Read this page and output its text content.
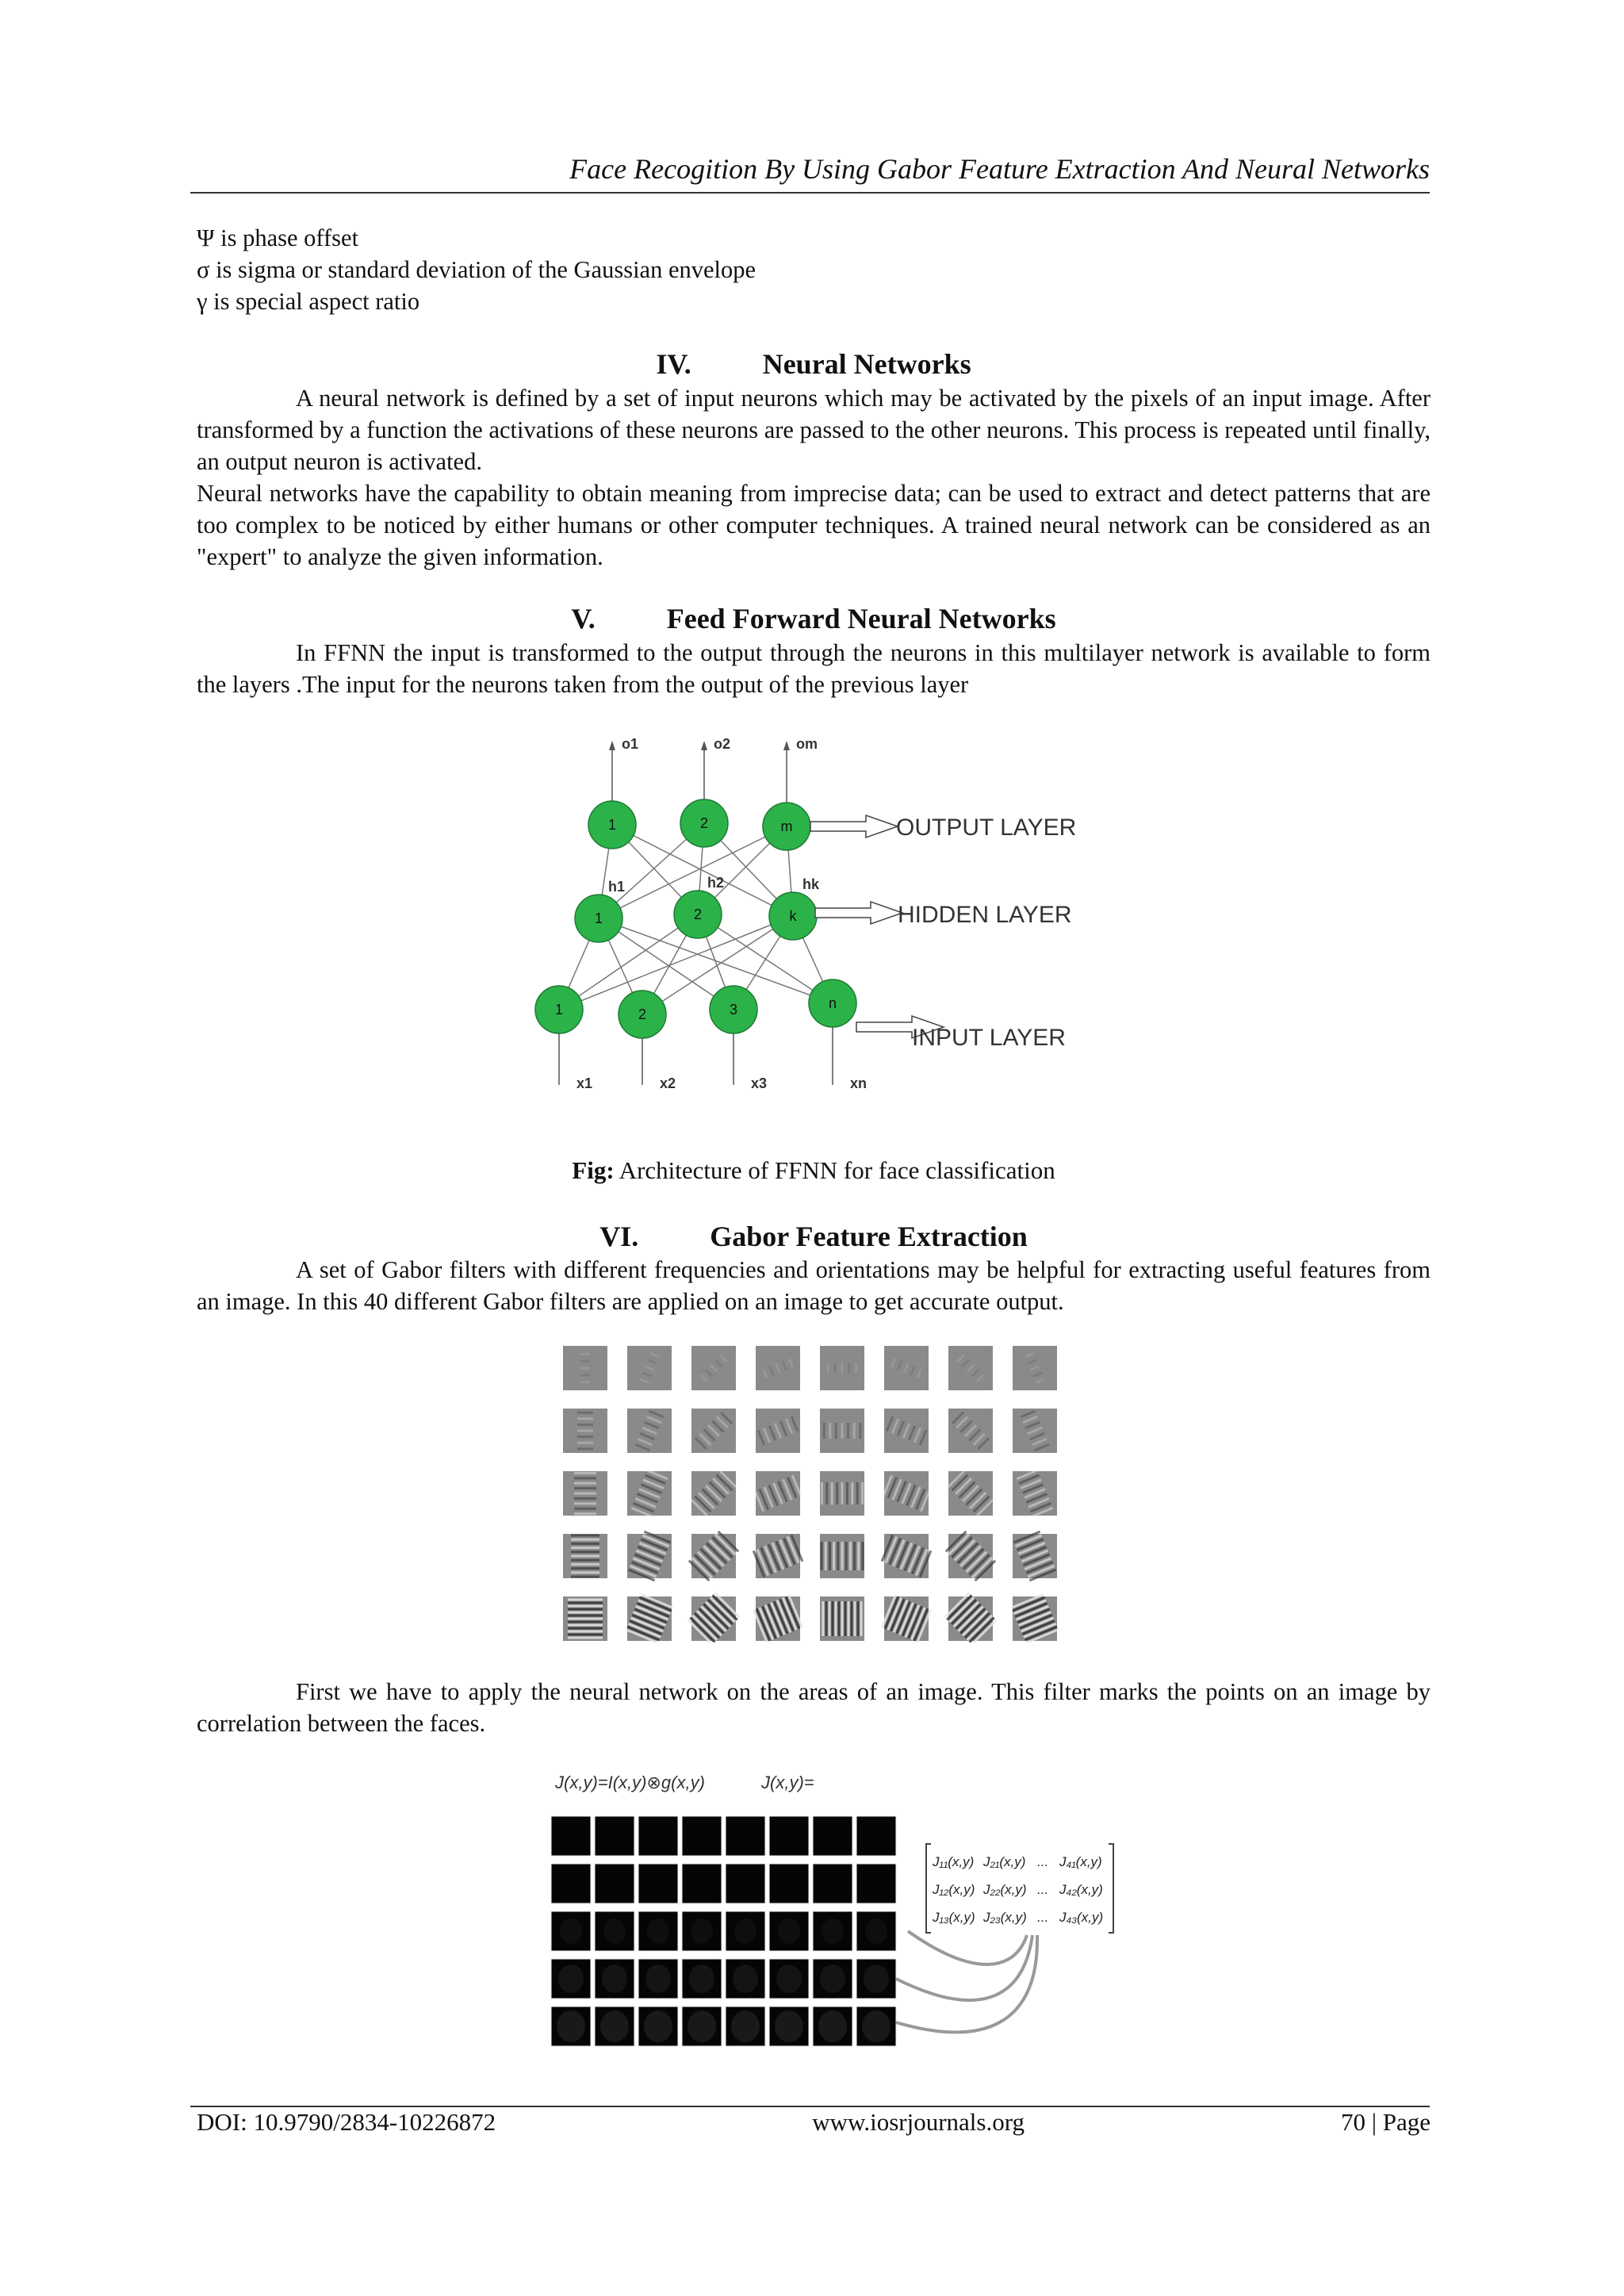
Face Recogition By Using Gabor Feature Extraction And Neural Networks
Ψ is phase offset
σ is sigma or standard deviation of the Gaussian envelope
γ is special aspect ratio
IV.	Neural Networks
A neural network is defined by a set of input neurons which may be activated by the pixels of an input image. After transformed by a function the activations of these neurons are passed to the other neurons. This process is repeated until finally, an output neuron is activated.
Neural networks have the capability to obtain meaning from imprecise data; can be used to extract and detect patterns that are too complex to be noticed by either humans or other computer techniques. A trained neural network can be considered as an "expert" to analyze the given information.
V.	Feed Forward Neural Networks
In FFNN the input is transformed to the output through the neurons in this multilayer network is available to form the layers .The input for the neurons taken from the output of the previous layer
o1	o2	om
x1	x2	x3	xn
h1	h2	hk
1	2	m
1	2	k
1	2	3	n
OUTPUT LAYER
HIDDEN LAYER
INPUT LAYER
Fig: Architecture of FFNN for face classification
VI.	Gabor Feature Extraction
A set of Gabor filters with different frequencies and orientations may be helpful for extracting useful features from an image. In this 40 different Gabor filters are applied on an image to get accurate output.
First we have to apply the neural network on the areas of an image. This filter marks the points on an image by correlation between the faces.
J(x,y)=I(x,y)⊗g(x,y)	J(x,y)=
J₁₁(x,y) J₂₁(x,y) ... J₄₁(x,y)
J₁₂(x,y) J₂₂(x,y) ... J₄₂(x,y)
J₁₃(x,y) J₂₃(x,y) ... J₄₃(x,y)
DOI: 10.9790/2834-10226872	www.iosrjournals.org	70 | Page
